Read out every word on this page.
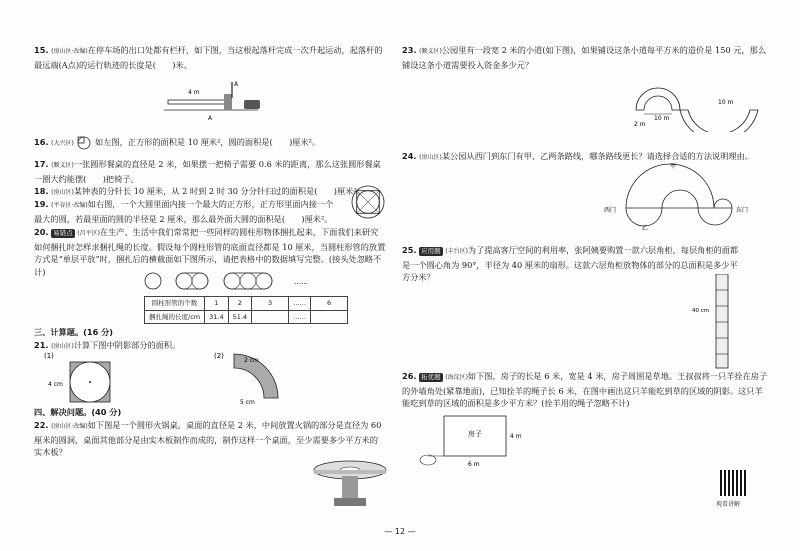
15. (房山区·改编)在停车场的出口处都有栏杆，如下图，当这根起落杆完成一次升起运动，起落杆的最远端(A点)的运行轨迹的长度是(　　)米。
4 m
A
A
16. (大兴区)	如左图，正方形的面积是 10 厘米²，圆的面积是(　　)厘米²。
17. (顺义区)一张圆形餐桌的直径是 2 米，如果摆一把椅子需要 0.6 米的距离，那么这张圆形餐桌一圈大约能摆(　　)把椅子。
18. (房山区)某钟表的分针长 10 厘米，从 2 时到 2 时 30 分分针扫过的面积是(　　)厘米²。
19. (平谷区·改编)如右图，一个大圆里面内接一个最大的正方形，正方形里面内接一个最大的圆，若最里面的圆的半径是 2 厘米，那么最外面大圆的面积是(　　)厘米²。
20. 易错点 (昌平区)在生产、生活中我们常常把一些同样的圆柱形物体捆扎起来，下面我们来研究如何捆扎时怎样求捆扎绳的长度。假设每个圆柱形管的底面直径都是 10 厘米，当圆柱形管的放置方式是“单层平放”时，捆扎后的横截面如下图所示，请把表格中的数据填写完整。(接头处忽略不计)
……
圆柱形管的个数	1	2	3	……	6
捆扎绳的长度/cm	31.4	51.4		……	
三、计算题。(16 分)
21. (房山区)计算下图中阴影部分的面积。
(1)
4 cm
(2)
2 cm
5 cm
四、解决问题。(40 分)
22. (房山区·改编)如下图是一个圆形火锅桌，桌面的直径是 2 米，中间放置火锅的部分是直径为 60 厘米的圆洞，桌面其他部分是由实木板制作而成的，制作这样一个桌面，至少需要多少平方米的实木板？
23. (顺义区)公园里有一段宽 2 米的小道(如下图)，如果铺设这条小道每平方米的造价是 150 元，那么铺设这条小道需要投入资金多少元？
2 m
10 m
10 m
24. (房山区)某公园从西门到东门有甲、乙两条路线，哪条路线更长？请选择合适的方法说明理由。
西门	东门
甲
乙
25. 应用题 (丰台区)为了提高客厅空间的利用率，张阿姨要购置一款六层角柜，每层角柜的面都是一个圆心角为 90°，半径为 40 厘米的扇形。这款六层角柜放物体的部分的总面积是多少平方分米？
40 cm
26. 拓优题 (海淀区)如下图，房子的长是 6 米，宽是 4 米，房子周围是草地。王叔叔将一只羊拴在房子的外墙角处(紧靠地面)，已知拴羊的绳子长 6 米，在图中画出这只羊能吃到草的区域的阴影。这只羊能吃到草的区域的面积是多少平方米？(拴羊用的绳子忽略不计)
房子	4 m
6 m
观看讲解
— 12 —
